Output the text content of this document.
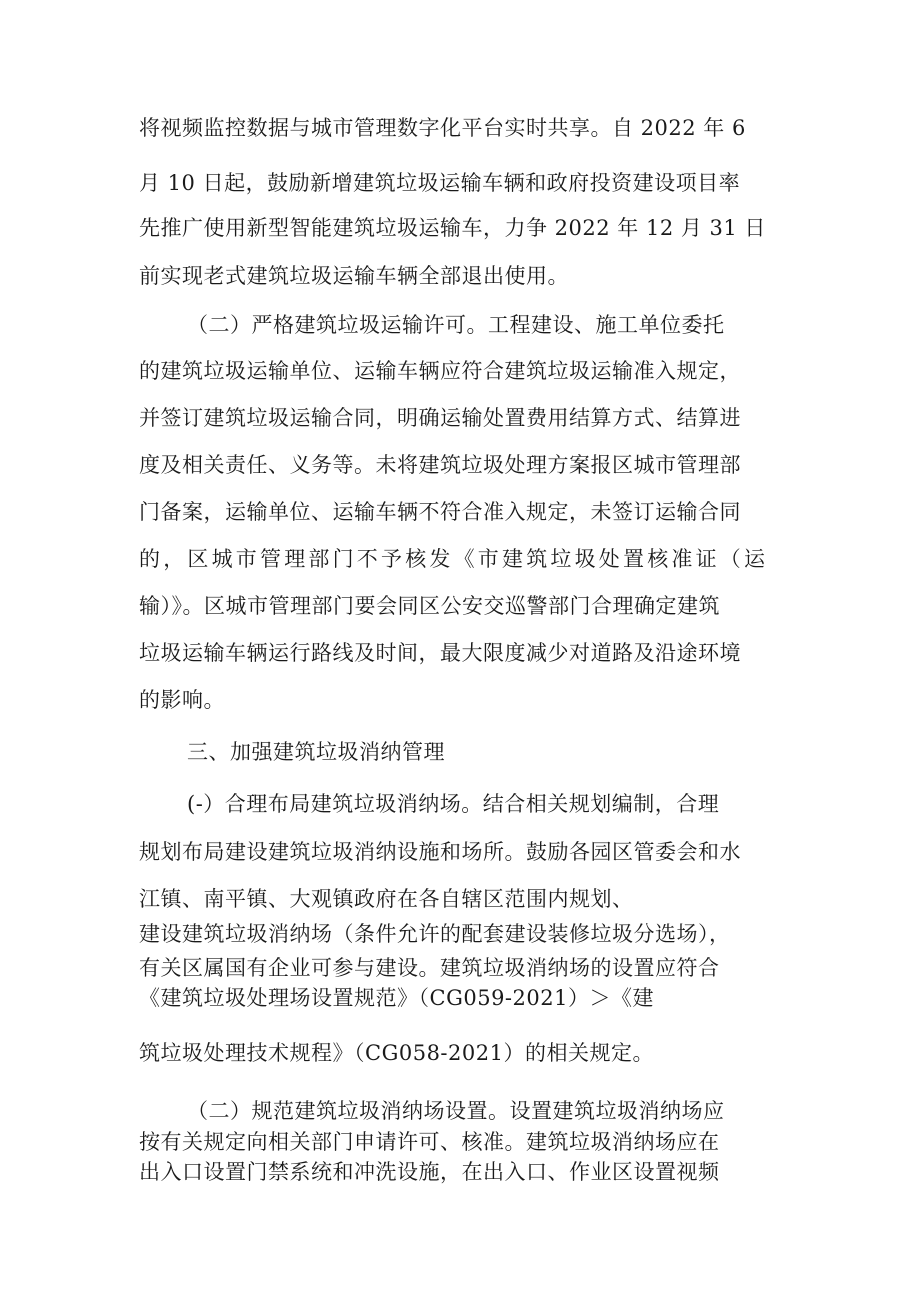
将视频监控数据与城市管理数字化平台实时共享。自 2022 年 6

月 10 日起，鼓励新增建筑垃圾运输车辆和政府投资建设项目率

先推广使用新型智能建筑垃圾运输车，力争 2022 年 12 月 31 日

前实现老式建筑垃圾运输车辆全部退出使用。

（二）严格建筑垃圾运输许可。工程建设、施工单位委托

的建筑垃圾运输单位、运输车辆应符合建筑垃圾运输准入规定，

并签订建筑垃圾运输合同，明确运输处置费用结算方式、结算进

度及相关责任、义务等。未将建筑垃圾处理方案报区城市管理部

门备案，运输单位、运输车辆不符合准入规定，未签订运输合同

的，区城市管理部门不予核发《市建筑垃圾处置核准证（运

输）》。区城市管理部门要会同区公安交巡警部门合理确定建筑

垃圾运输车辆运行路线及时间，最大限度减少对道路及沿途环境

的影响。

三、加强建筑垃圾消纳管理

(-）合理布局建筑垃圾消纳场。结合相关规划编制，合理

规划布局建设建筑垃圾消纳设施和场所。鼓励各园区管委会和水

江镇、南平镇、大观镇政府在各自辖区范围内规划、

建设建筑垃圾消纳场（条件允许的配套建设装修垃圾分选场），

有关区属国有企业可参与建设。建筑垃圾消纳场的设置应符合

《建筑垃圾处理场设置规范》（CG059-2021）＞《建

筑垃圾处理技术规程》（CG058-2021）的相关规定。

（二）规范建筑垃圾消纳场设置。设置建筑垃圾消纳场应

按有关规定向相关部门申请许可、核准。建筑垃圾消纳场应在

出入口设置门禁系统和冲洗设施，在出入口、作业区设置视频
